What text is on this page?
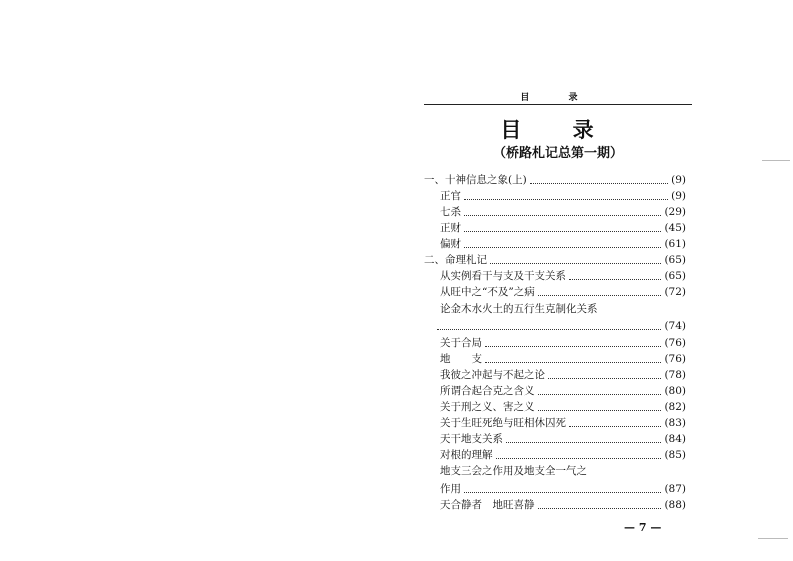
目 录
目 录
（桥路札记总第一期）
一、十神信息之象(上)	(9)
正官	(9)
七杀	(29)
正财	(45)
偏财	(61)
二、命理札记	(65)
从实例看干与支及干支关系	(65)
从旺中之“不及”之病	(72)
论金木水火土的五行生克制化关系
(74)
关于合局	(76)
地　　支	(76)
我彼之冲起与不起之论	(78)
所谓合起合克之含义	(80)
关于刑之义、害之义	(82)
关于生旺死绝与旺相休囚死	(83)
天干地支关系	(84)
对根的理解	(85)
地支三会之作用及地支全一气之
作用	(87)
天合静者　地旺喜静	(88)
— 7 —
